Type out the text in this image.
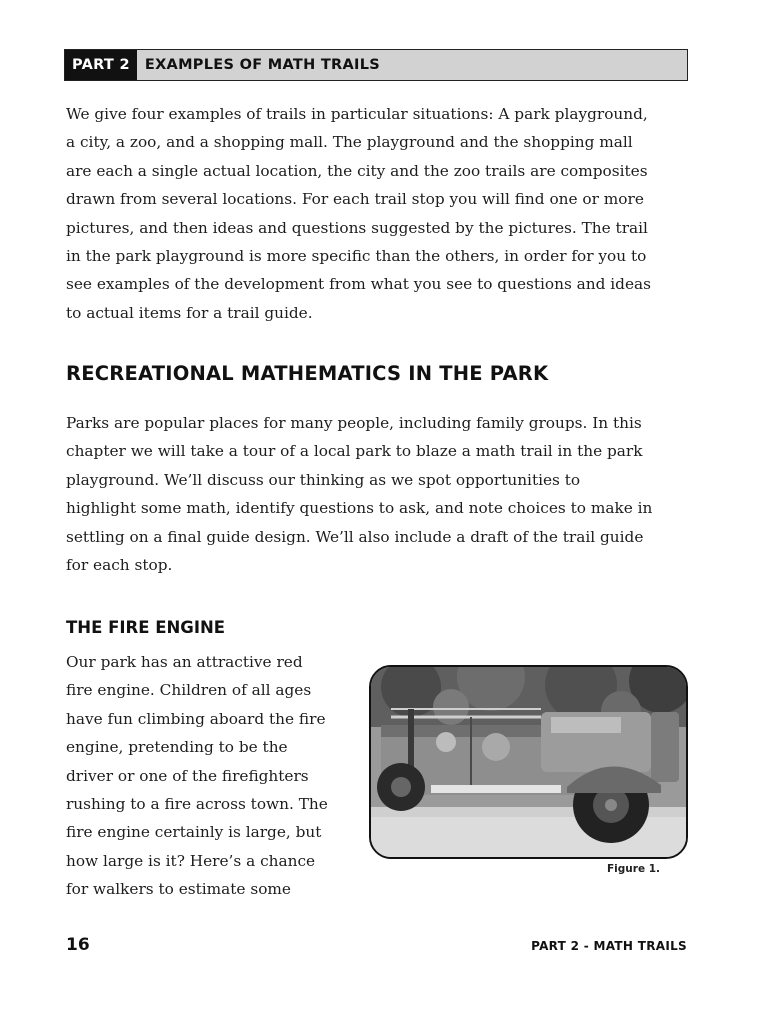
PART 2	EXAMPLES OF MATH TRAILS
We give four examples of trails in particular situations: A park playground,
a city, a zoo, and a shopping mall. The playground and the shopping mall
are each a single actual location, the city and the zoo trails are composites
drawn from several locations. For each trail stop you will find one or more
pictures, and then ideas and questions suggested by the pictures. The trail
in the park playground is more specific than the others, in order for you to
see examples of the development from what you see to questions and ideas
to actual items for a trail guide.
RECREATIONAL MATHEMATICS IN THE PARK
Parks are popular places for many people, including family groups. In this
chapter we will take a tour of a local park to blaze a math trail in the park
playground. We’ll discuss our thinking as we spot opportunities to
highlight some math, identify questions to ask, and note choices to make in
settling on a final guide design. We’ll also include a draft of the trail guide
for each stop.
THE FIRE ENGINE
Our park has an attractive red
fire engine. Children of all ages
have fun climbing aboard the fire
engine, pretending to be the
driver or one of the firefighters
rushing to a fire across town. The
fire engine certainly is large, but
how large is it? Here’s a chance
for walkers to estimate some
Figure 1.
16	PART 2 - MATH TRAILS
